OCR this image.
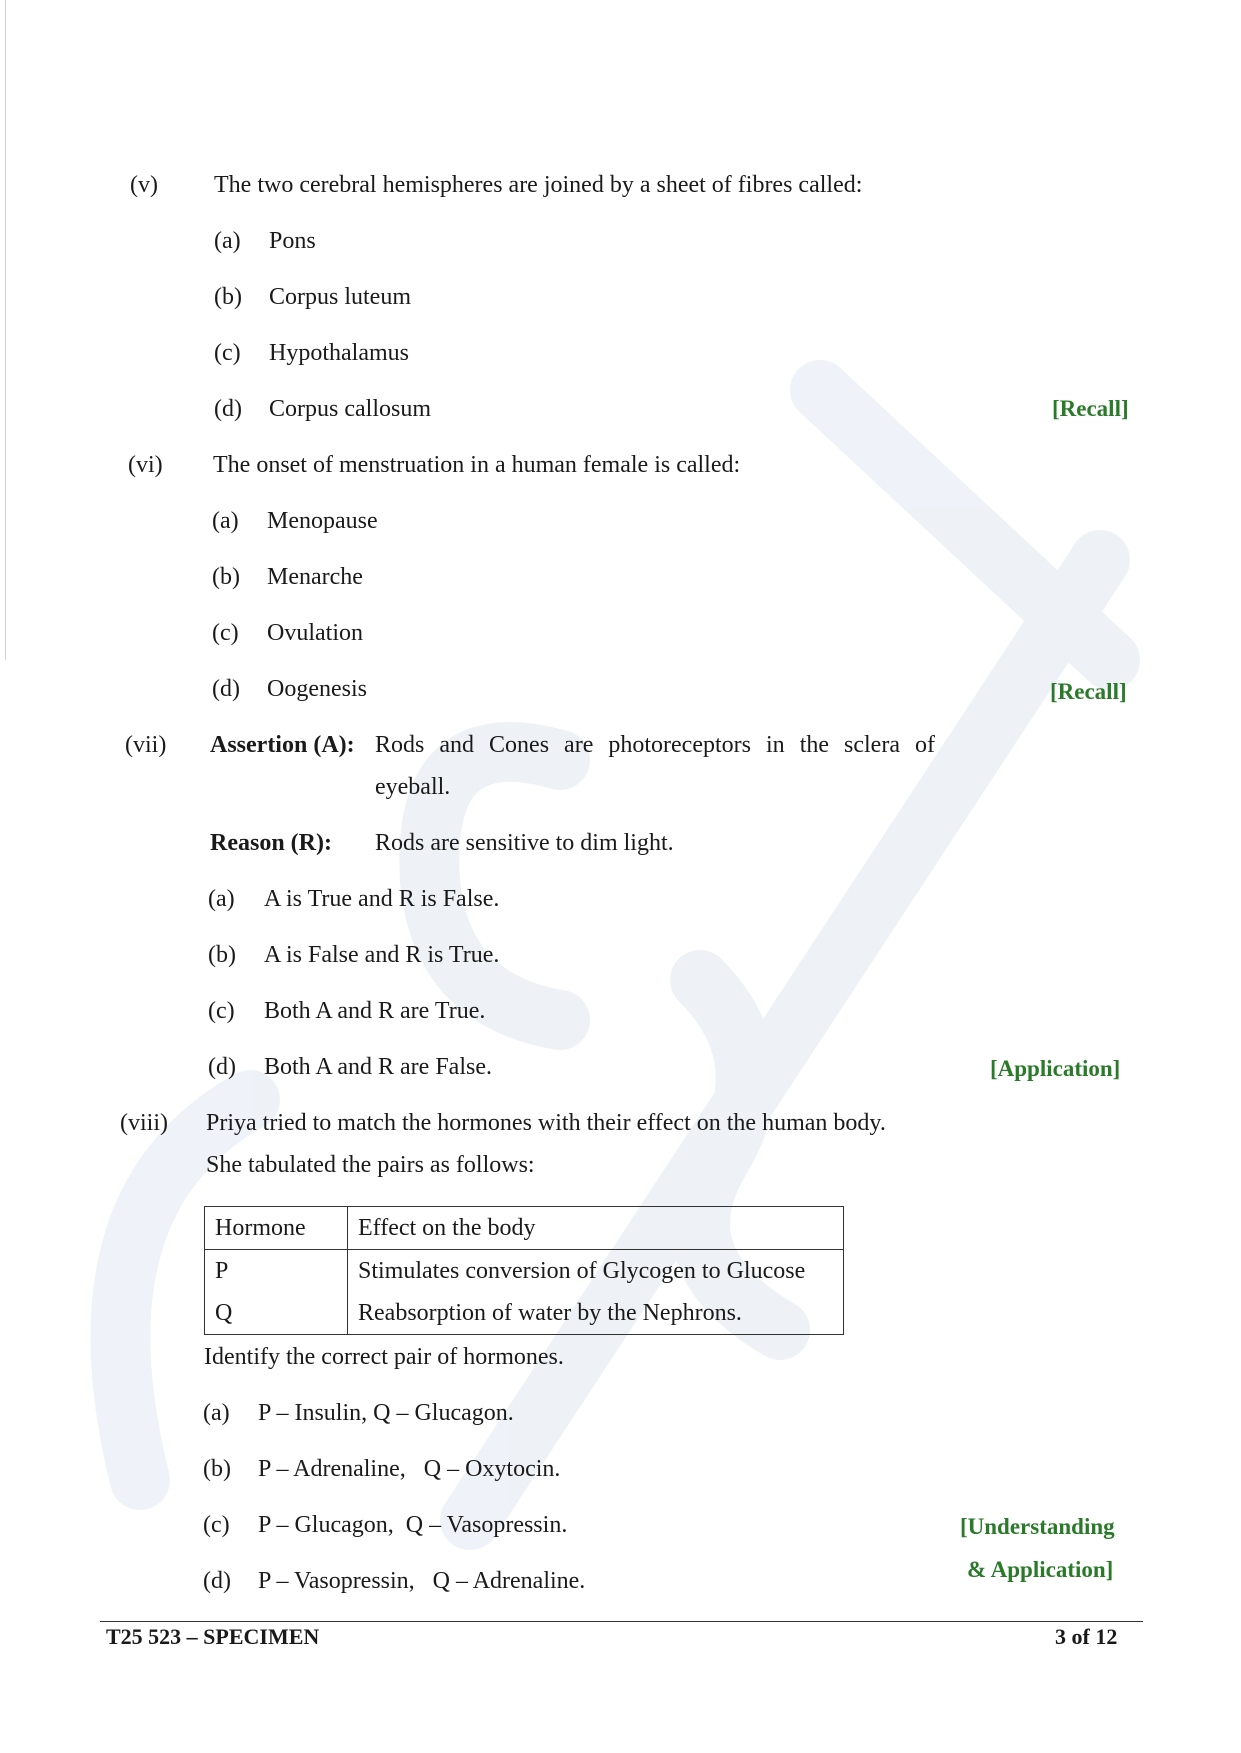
(v) The two cerebral hemispheres are joined by a sheet of fibres called:
(a) Pons
(b) Corpus luteum
(c) Hypothalamus
(d) Corpus callosum	[Recall]
(vi) The onset of menstruation in a human female is called:
(a) Menopause
(b) Menarche
(c) Ovulation
(d) Oogenesis	[Recall]
(vii) Assertion (A): Rods and Cones are photoreceptors in the sclera of
eyeball.
Reason (R): Rods are sensitive to dim light.
(a) A is True and R is False.
(b) A is False and R is True.
(c) Both A and R are True.
(d) Both A and R are False.	[Application]
(viii) Priya tried to match the hormones with their effect on the human body.
She tabulated the pairs as follows:
Hormone	Effect on the body
P	Stimulates conversion of Glycogen to Glucose
Q	Reabsorption of water by the Nephrons.
Identify the correct pair of hormones.
(a) P – Insulin, Q – Glucagon.
(b) P – Adrenaline,   Q – Oxytocin.
(c) P – Glucagon,  Q – Vasopressin.
(d) P – Vasopressin,   Q – Adrenaline.
[Understanding
& Application]
T25 523 – SPECIMEN	3 of 12
